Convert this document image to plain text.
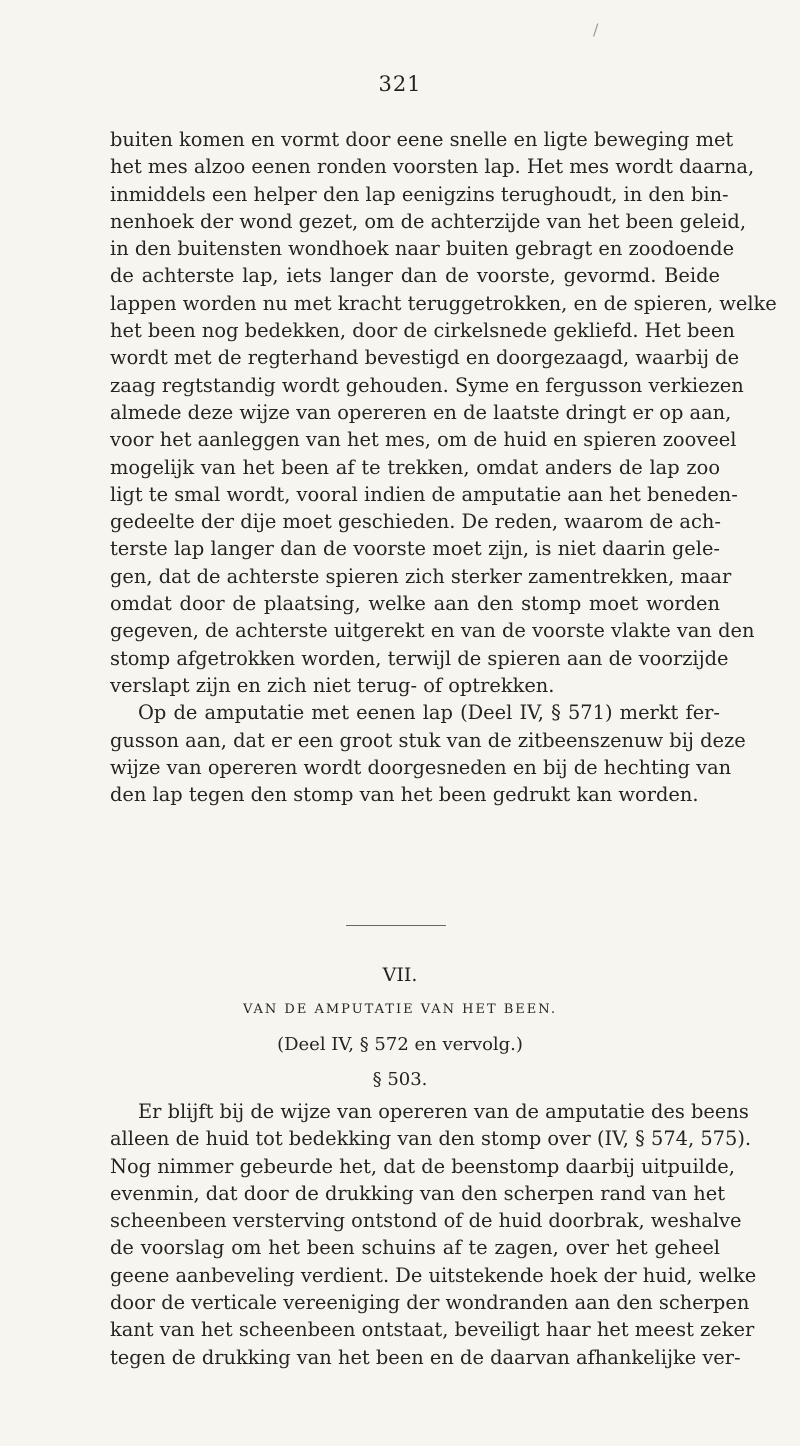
/
321
buiten komen en vormt door eene snelle en ligte beweging met
het mes alzoo eenen ronden voorsten lap. Het mes wordt daarna,
inmiddels een helper den lap eenigzins terughoudt, in den bin-
nenhoek der wond gezet, om de achterzijde van het been geleid,
in den buitensten wondhoek naar buiten gebragt en zoodoende
de achterste lap, iets langer dan de voorste, gevormd. Beide
lappen worden nu met kracht teruggetrokken, en de spieren, welke
het been nog bedekken, door de cirkelsnede gekliefd. Het been
wordt met de regterhand bevestigd en doorgezaagd, waarbij de
zaag regtstandig wordt gehouden. Syme en fergusson verkiezen
almede deze wijze van opereren en de laatste dringt er op aan,
voor het aanleggen van het mes, om de huid en spieren zooveel
mogelijk van het been af te trekken, omdat anders de lap zoo
ligt te smal wordt, vooral indien de amputatie aan het beneden-
gedeelte der dije moet geschieden. De reden, waarom de ach-
terste lap langer dan de voorste moet zijn, is niet daarin gele-
gen, dat de achterste spieren zich sterker zamentrekken, maar
omdat door de plaatsing, welke aan den stomp moet worden
gegeven, de achterste uitgerekt en van de voorste vlakte van den
stomp afgetrokken worden, terwijl de spieren aan de voorzijde
verslapt zijn en zich niet terug- of optrekken.
Op de amputatie met eenen lap (Deel IV, § 571) merkt fer-
gusson aan, dat er een groot stuk van de zitbeenszenuw bij deze
wijze van opereren wordt doorgesneden en bij de hechting van
den lap tegen den stomp van het been gedrukt kan worden.
VII.
VAN DE AMPUTATIE VAN HET BEEN.
(Deel IV, § 572 en vervolg.)
§ 503.
Er blijft bij de wijze van opereren van de amputatie des beens
alleen de huid tot bedekking van den stomp over (IV, § 574, 575).
Nog nimmer gebeurde het, dat de beenstomp daarbij uitpuilde,
evenmin, dat door de drukking van den scherpen rand van het
scheenbeen versterving ontstond of de huid doorbrak, weshalve
de voorslag om het been schuins af te zagen, over het geheel
geene aanbeveling verdient. De uitstekende hoek der huid, welke
door de verticale vereeniging der wondranden aan den scherpen
kant van het scheenbeen ontstaat, beveiligt haar het meest zeker
tegen de drukking van het been en de daarvan afhankelijke ver-
